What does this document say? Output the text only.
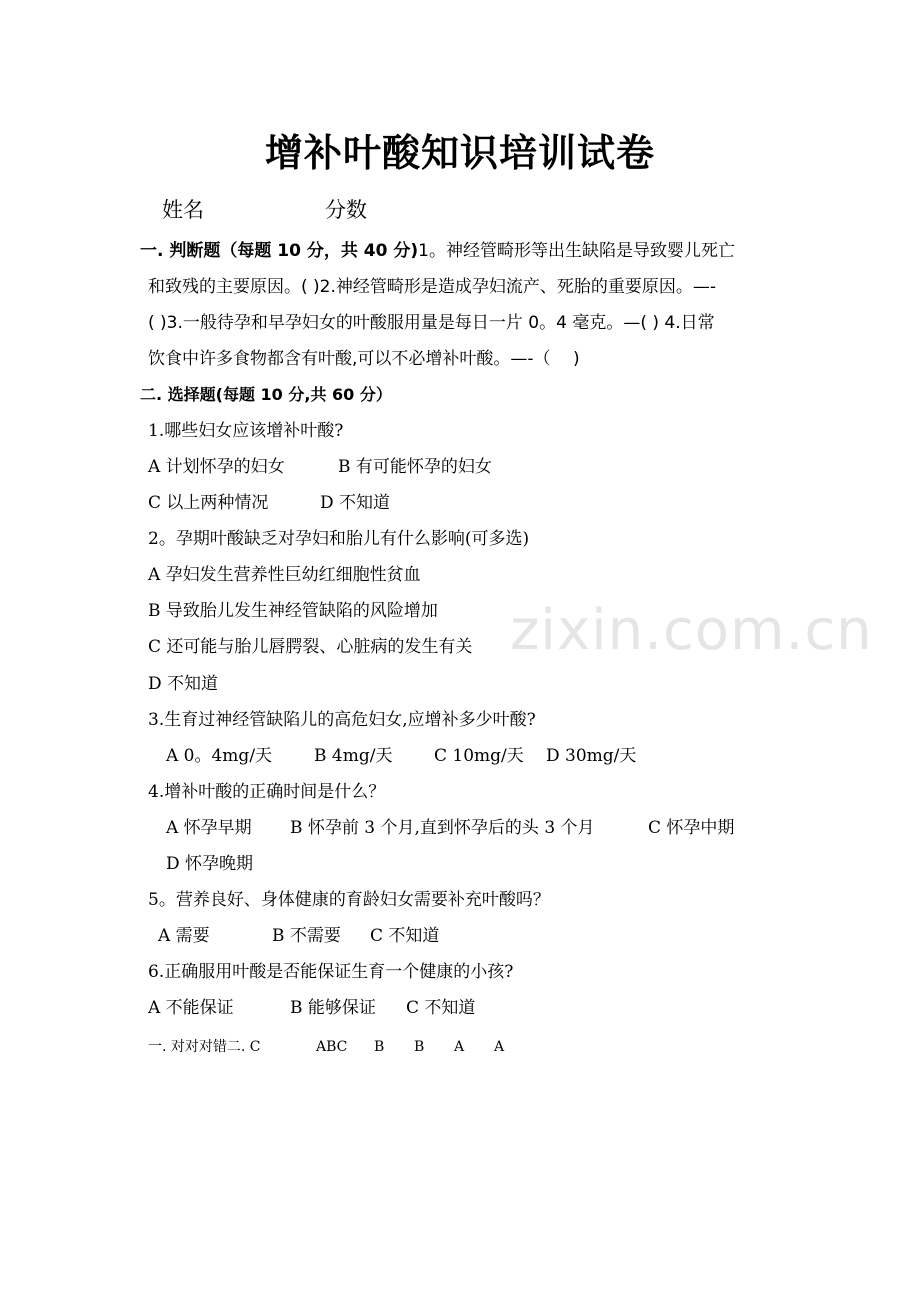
增补叶酸知识培训试卷
姓名	分数
一. 判断题（每题 10 分，共 40 分)1。神经管畸形等出生缺陷是导致婴儿死亡
和致残的主要原因。( )2.神经管畸形是造成孕妇流产、死胎的重要原因。—-
( )3.一般待孕和早孕妇女的叶酸服用量是每日一片 0。4 毫克。—( ) 4.日常
饮食中许多食物都含有叶酸,可以不必增补叶酸。—-（　 )
二. 选择题(每题 10 分,共 60 分）
1.哪些妇女应该增补叶酸?
A 计划怀孕的妇女	B 有可能怀孕的妇女
C 以上两种情况	D 不知道
2。孕期叶酸缺乏对孕妇和胎儿有什么影响(可多选)
A 孕妇发生营养性巨幼红细胞性贫血
B 导致胎儿发生神经管缺陷的风险增加
C 还可能与胎儿唇腭裂、心脏病的发生有关
D 不知道
3.生育过神经管缺陷儿的高危妇女,应增补多少叶酸?
A 0。4mg/天 B 4mg/天 C 10mg/天 D 30mg/天
4.增补叶酸的正确时间是什么？
A 怀孕早期 B 怀孕前 3 个月,直到怀孕后的头 3 个月	C 怀孕中期
D 怀孕晚期
5。营养良好、身体健康的育龄妇女需要补充叶酸吗？
A 需要	B 不需要 C 不知道
6.正确服用叶酸是否能保证生育一个健康的小孩?
A 不能保证	B 能够保证 C 不知道
一. 对对对错二. C	ABC B B A A
zixin.com.cn
